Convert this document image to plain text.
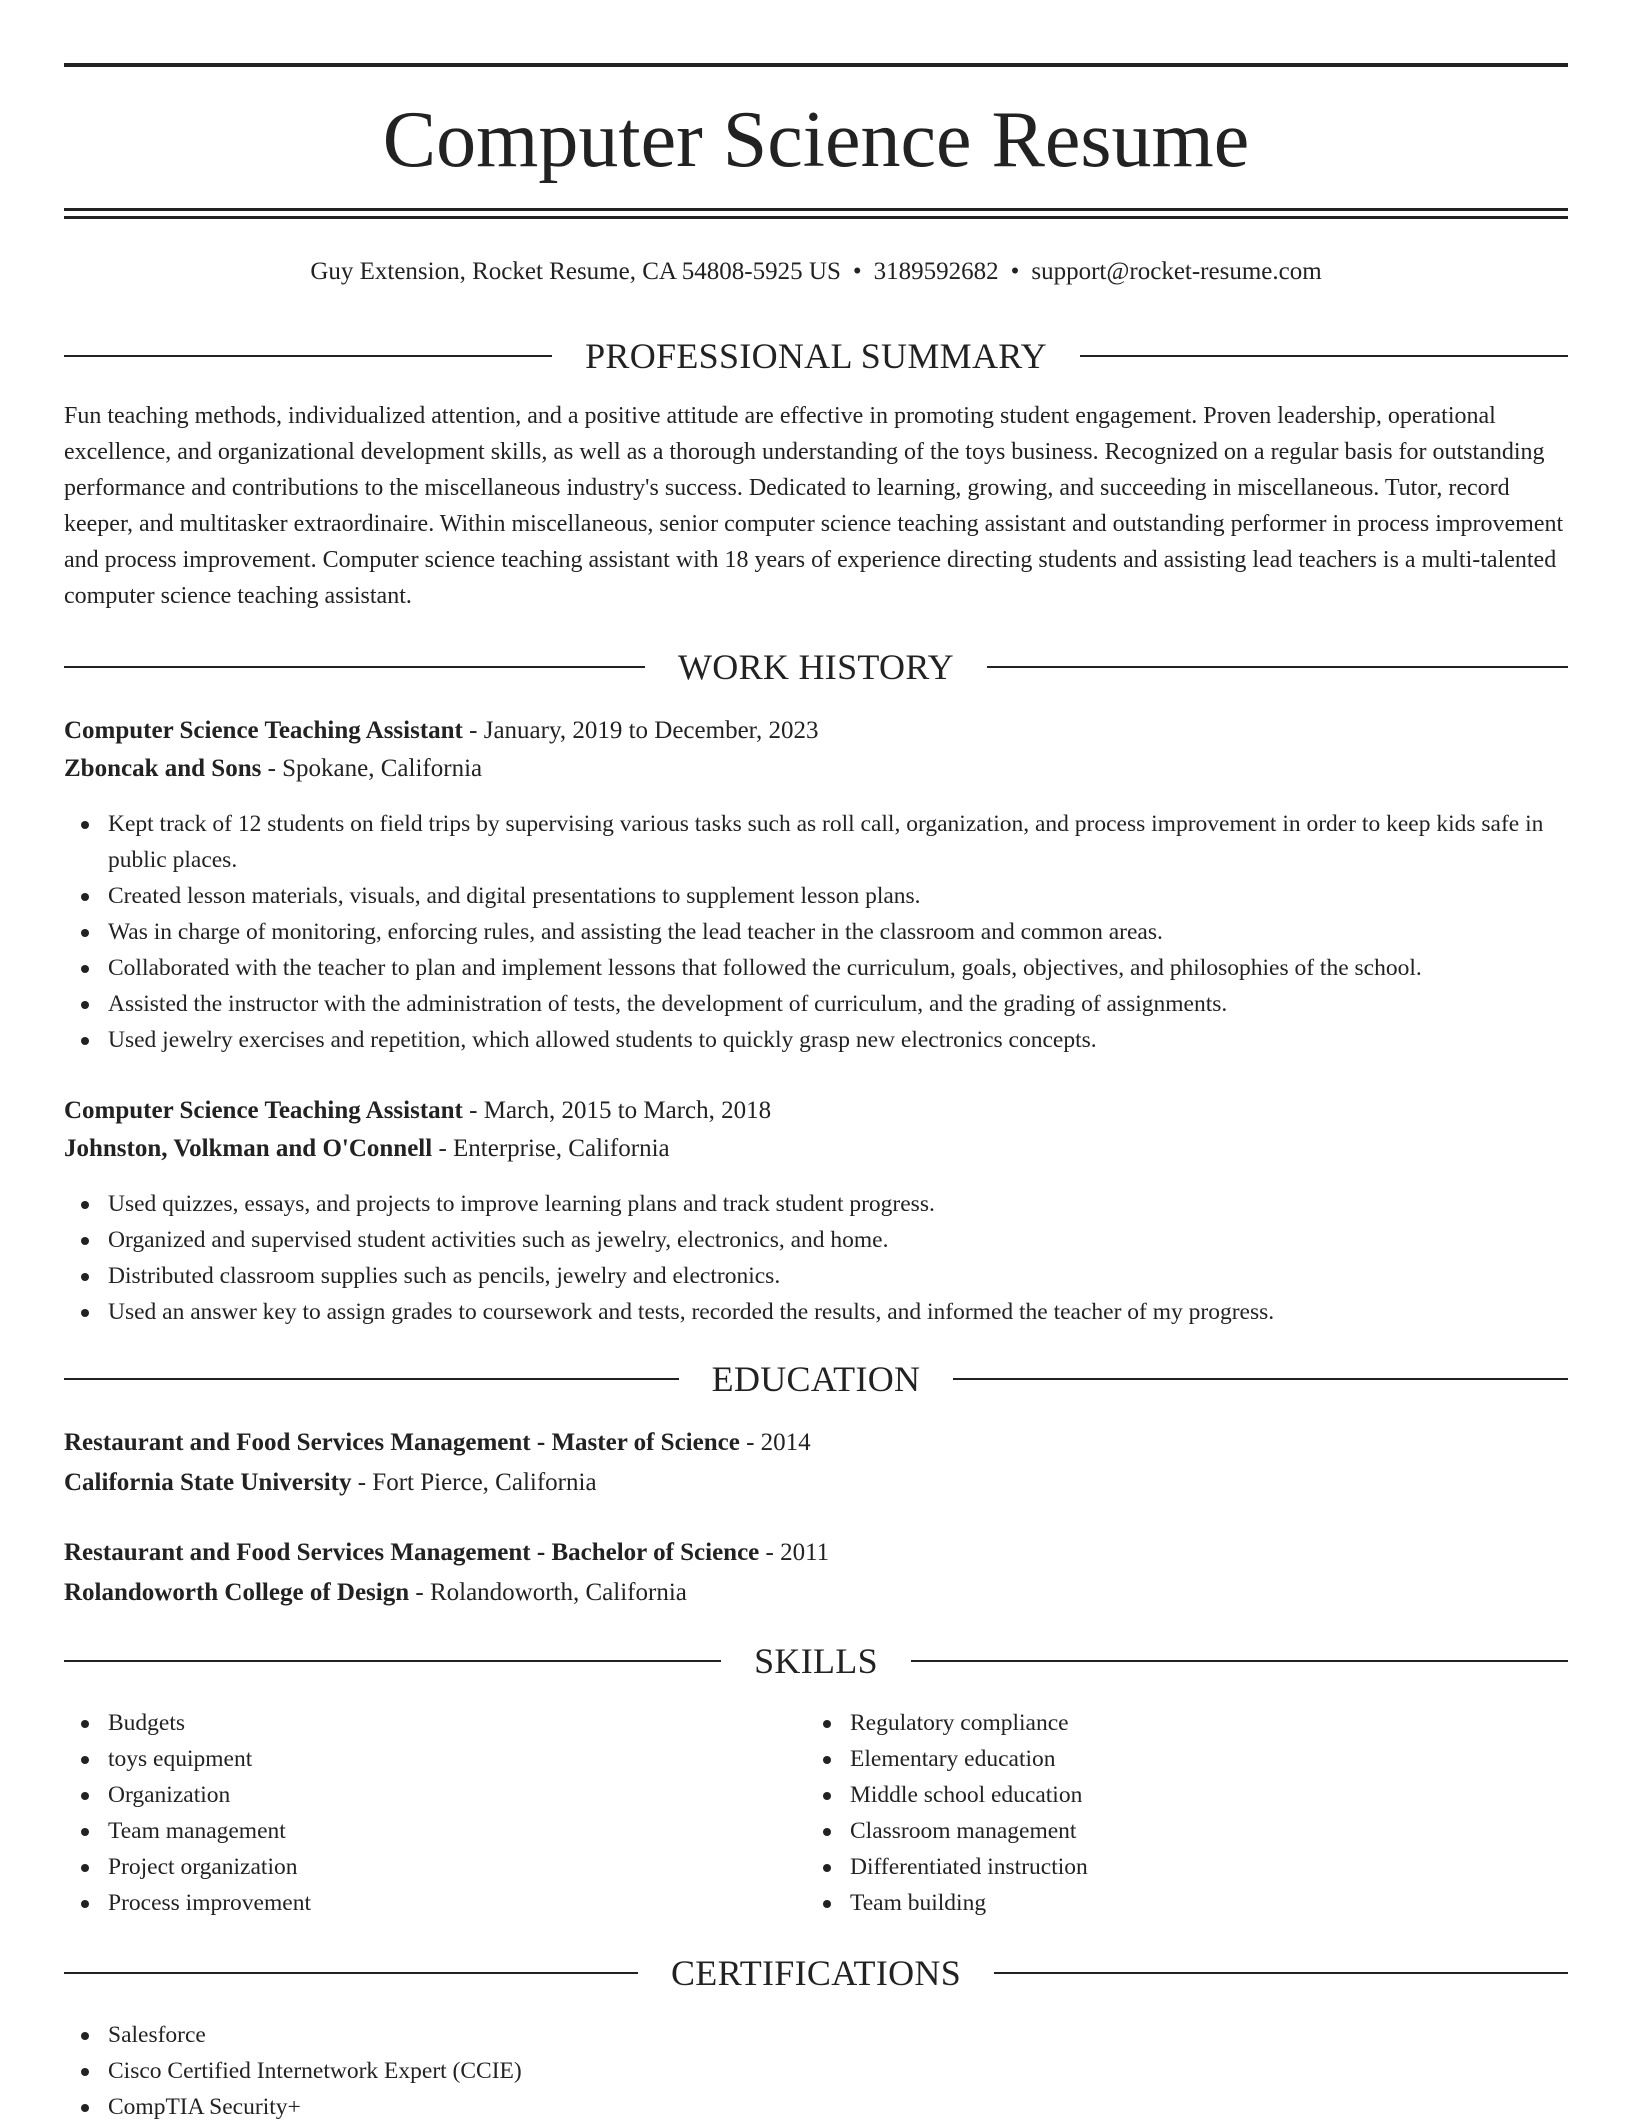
Computer Science Resume
Guy Extension, Rocket Resume, CA 54808-5925 US • 3189592682 • support@rocket-resume.com
PROFESSIONAL SUMMARY
Fun teaching methods, individualized attention, and a positive attitude are effective in promoting student engagement. Proven leadership, operational excellence, and organizational development skills, as well as a thorough understanding of the toys business. Recognized on a regular basis for outstanding performance and contributions to the miscellaneous industry's success. Dedicated to learning, growing, and succeeding in miscellaneous. Tutor, record keeper, and multitasker extraordinaire. Within miscellaneous, senior computer science teaching assistant and outstanding performer in process improvement and process improvement. Computer science teaching assistant with 18 years of experience directing students and assisting lead teachers is a multi-talented computer science teaching assistant.
WORK HISTORY
Computer Science Teaching Assistant - January, 2019 to December, 2023
Zboncak and Sons - Spokane, California
Kept track of 12 students on field trips by supervising various tasks such as roll call, organization, and process improvement in order to keep kids safe in public places.
Created lesson materials, visuals, and digital presentations to supplement lesson plans.
Was in charge of monitoring, enforcing rules, and assisting the lead teacher in the classroom and common areas.
Collaborated with the teacher to plan and implement lessons that followed the curriculum, goals, objectives, and philosophies of the school.
Assisted the instructor with the administration of tests, the development of curriculum, and the grading of assignments.
Used jewelry exercises and repetition, which allowed students to quickly grasp new electronics concepts.
Computer Science Teaching Assistant - March, 2015 to March, 2018
Johnston, Volkman and O'Connell - Enterprise, California
Used quizzes, essays, and projects to improve learning plans and track student progress.
Organized and supervised student activities such as jewelry, electronics, and home.
Distributed classroom supplies such as pencils, jewelry and electronics.
Used an answer key to assign grades to coursework and tests, recorded the results, and informed the teacher of my progress.
EDUCATION
Restaurant and Food Services Management - Master of Science - 2014
California State University - Fort Pierce, California
Restaurant and Food Services Management - Bachelor of Science - 2011
Rolandoworth College of Design - Rolandoworth, California
SKILLS
Budgets
toys equipment
Organization
Team management
Project organization
Process improvement
Regulatory compliance
Elementary education
Middle school education
Classroom management
Differentiated instruction
Team building
CERTIFICATIONS
Salesforce
Cisco Certified Internetwork Expert (CCIE)
CompTIA Security+
